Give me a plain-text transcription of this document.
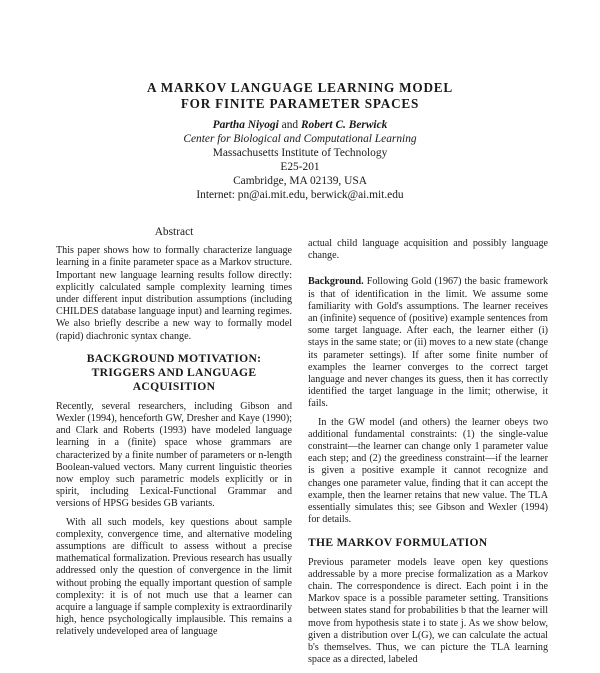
A MARKOV LANGUAGE LEARNING MODEL
FOR FINITE PARAMETER SPACES
Partha Niyogi and Robert C. Berwick
Center for Biological and Computational Learning
Massachusetts Institute of Technology
E25-201
Cambridge, MA 02139, USA
Internet: pn@ai.mit.edu, berwick@ai.mit.edu
Abstract

This paper shows how to formally characterize language learning in a finite parameter space as a Markov structure. Important new language learning results follow directly: explicitly calculated sample complexity learning times under different input distribution assumptions (including CHILDES database language input) and learning regimes. We also briefly describe a new way to formally model (rapid) diachronic syntax change.

BACKGROUND MOTIVATION:
TRIGGERS AND LANGUAGE
ACQUISITION

Recently, several researchers, including Gibson and Wexler (1994), henceforth GW, Dresher and Kaye (1990); and Clark and Roberts (1993) have modeled language learning in a (finite) space whose grammars are characterized by a finite number of parameters or n-length Boolean-valued vectors. Many current linguistic theories now employ such parametric models explicitly or in spirit, including Lexical-Functional Grammar and versions of HPSG besides GB variants.

With all such models, key questions about sample complexity, convergence time, and alternative modeling assumptions are difficult to assess without a precise mathematical formalization. Previous research has usually addressed only the question of convergence in the limit without probing the equally important question of sample complexity: it is of not much use that a learner can acquire a language if sample complexity is extraordinarily high, hence psychologically implausible. This remains a relatively undeveloped area of language

actual child language acquisition and possibly language change.

Background. Following Gold (1967) the basic framework is that of identification in the limit. We assume some familiarity with Gold's assumptions. The learner receives an (infinite) sequence of (positive) example sentences from some target language. After each, the learner either (i) stays in the same state; or (ii) moves to a new state (change its parameter settings). If after some finite number of examples the learner converges to the correct target language and never changes its guess, then it has correctly identified the target language in the limit; otherwise, it fails.

In the GW model (and others) the learner obeys two additional fundamental constraints: (1) the single-value constraint—the learner can change only 1 parameter value each step; and (2) the greediness constraint—if the learner is given a positive example it cannot recognize and changes one parameter value, finding that it can accept the example, then the learner retains that new value. The TLA essentially simulates this; see Gibson and Wexler (1994) for details.

THE MARKOV FORMULATION

Previous parameter models leave open key questions addressable by a more precise formalization as a Markov chain. The correspondence is direct. Each point i in the Markov space is a possible parameter setting. Transitions between states stand for probabilities b that the learner will move from hypothesis state i to state j. As we show below, given a distribution over L(G), we can calculate the actual b's themselves. Thus, we can picture the TLA learning space as a directed, labeled
